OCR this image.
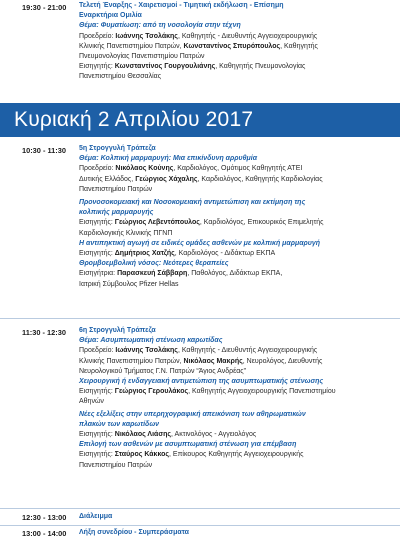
19:30 - 21:00 Τελετή Έναρξης - Χαιρετισμοί - Τιμητική εκδήλωση - Επίσημη
Εναρκτήρια Ομιλία
Θέμα: Φυματίωση: από τη νοσολογία στην τέχνη
Προεδρείο: Ιωάννης Τσολάκης, Καθηγητής - Διευθυντής Αγγειοχειρουργικής
Κλινικής Πανεπιστημίου Πατρών, Κωνσταντίνος Σπυρόπουλος, Καθηγητής
Πνευμονολογίας Πανεπιστημίου Πατρών
Εισηγητής: Κωνσταντίνος Γουργουλιάνης, Καθηγητής Πνευμονολογίας
Πανεπιστημίου Θεσσαλίας
Κυριακή 2 Απριλίου 2017
10:30 - 11:30 5η Στρογγυλή Τράπεζα
Θέμα: Κολπική μαρμαρυγή: Μια επικίνδυνη αρρυθμία
Προεδρείο: Νικόλαος Κούνης, Καρδιολόγος, Ομότιμος Καθηγητής ΑΤΕΙ
Δυτικής Ελλάδος, Γεώργιος Χάχαλης, Καρδιολόγος, Καθηγητής Καρδιολογίας
Πανεπιστημίου Πατρών
Προνοσοκομειακή και Νοσοκομειακή αντιμετώπιση και εκτίμηση της
κολπικής μαρμαρυγής
Εισηγητής: Γεώργιος Λεβεντόπουλος, Καρδιολόγος, Επικουρικός Επιμελητής
Καρδιολογικής Κλινικής ΠΓΝΠ
Η αντιπηκτική αγωγή σε ειδικές ομάδες ασθενών με κολπική μαρμαρυγή
Εισηγητής: Δημήτριος Χατζής, Καρδιολόγος - Διδάκτωρ ΕΚΠΑ
Θρομβοεμβολική νόσος: Νεότερες θεραπείες
Εισηγήτρια: Παρασκευή Σάββαρη, Παθολόγος, Διδάκτωρ ΕΚΠΑ,
Ιατρική Σύμβουλος Pfizer Hellas
11:30 - 12:30 6η Στρογγυλή Τράπεζα
Θέμα: Ασυμπτωματική στένωση καρωτίδας
Προεδρείο: Ιωάννης Τσολάκης, Καθηγητής - Διευθυντής Αγγειοχειρουργικής
Κλινικής Πανεπιστημίου Πατρών, Νικόλαος Μακρής, Νευρολόγος, Διευθυντής
Νευρολογικού Τμήματος Γ.Ν. Πατρών “Άγιος Ανδρέας”
Χειρουργική ή ενδαγγειακή αντιμετώπιση της ασυμπτωματικής στένωσης
Εισηγητής: Γεώργιος Γερουλάκος, Καθηγητής Αγγειοχειρουργικής Πανεπιστημίου
Αθηνών
Νέες εξελίξεις στην υπερηχογραφική απεικόνιση των αθηρωματικών
πλακών των καρωτίδων
Εισηγητής: Νικόλαος Λιάσης, Ακτινολόγος - Αγγειολόγος
Επιλογή των ασθενών με ασυμπτωματική στένωση για επέμβαση
Εισηγητής: Σταύρος Κάκκος, Επίκουρος Καθηγητής Αγγειοχειρουργικής
Πανεπιστημίου Πατρών
12:30 - 13:00 Διάλειμμα
13:00 - 14:00 Λήξη συνεδρίου - Συμπεράσματα
